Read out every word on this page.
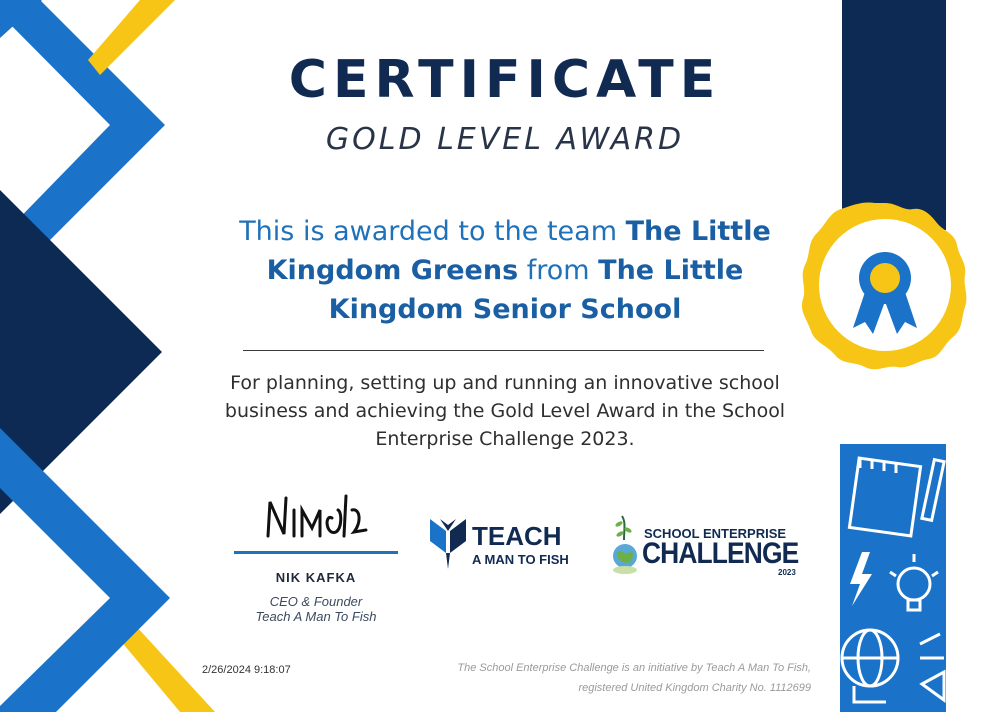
CERTIFICATE
GOLD LEVEL AWARD
This is awarded to the team The Little Kingdom Greens from The Little Kingdom Senior School
For planning, setting up and running an innovative school business and achieving the Gold Level Award in the School Enterprise Challenge 2023.
NIK KAFKA
CEO & Founder
Teach A Man To Fish
TEACH
A MAN TO FISH
SCHOOL ENTERPRISE
CHALLENGE
2023
2/26/2024 9:18:07	The School Enterprise Challenge is an initiative by Teach A Man To Fish,
registered United Kingdom Charity No. 1112699
